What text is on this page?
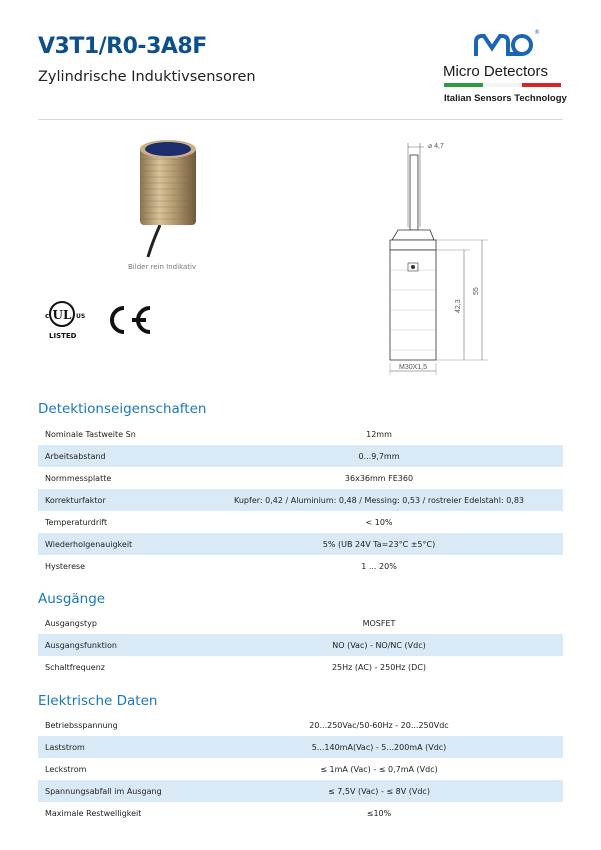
V3T1/R0-3A8F
Zylindrische Induktivsensoren
®
Micro Detectors
Italian Sensors Technology
Bilder rein Indikativ
UL
c	US
LISTED
⌀ 4,7
42,3
55
M30X1,5
Detektionseigenschaften
Nominale Tastweite Sn	12mm
Arbeitsabstand	0...9,7mm
Normmessplatte	36x36mm FE360
Korrekturfaktor	Kupfer: 0,42 / Aluminium: 0,48 / Messing: 0,53 / rostreier Edelstahl: 0,83
Temperaturdrift	< 10%
Wiederholgenauigkeit	5% (UB 24V Ta=23°C ±5°C)
Hysterese	1 ... 20%
Ausgänge
Ausgangstyp	MOSFET
Ausgangsfunktion	NO (Vac) - NO/NC (Vdc)
Schaltfrequenz	25Hz (AC) - 250Hz (DC)
Elektrische Daten
Betriebsspannung	20...250Vac/50-60Hz - 20...250Vdc
Laststrom	5...140mA(Vac) - 5...200mA (Vdc)
Leckstrom	≤ 1mA (Vac) - ≤ 0,7mA (Vdc)
Spannungsabfall im Ausgang	≤ 7,5V (Vac) - ≤ 8V (Vdc)
Maximale Restwelligkeit	≤10%
